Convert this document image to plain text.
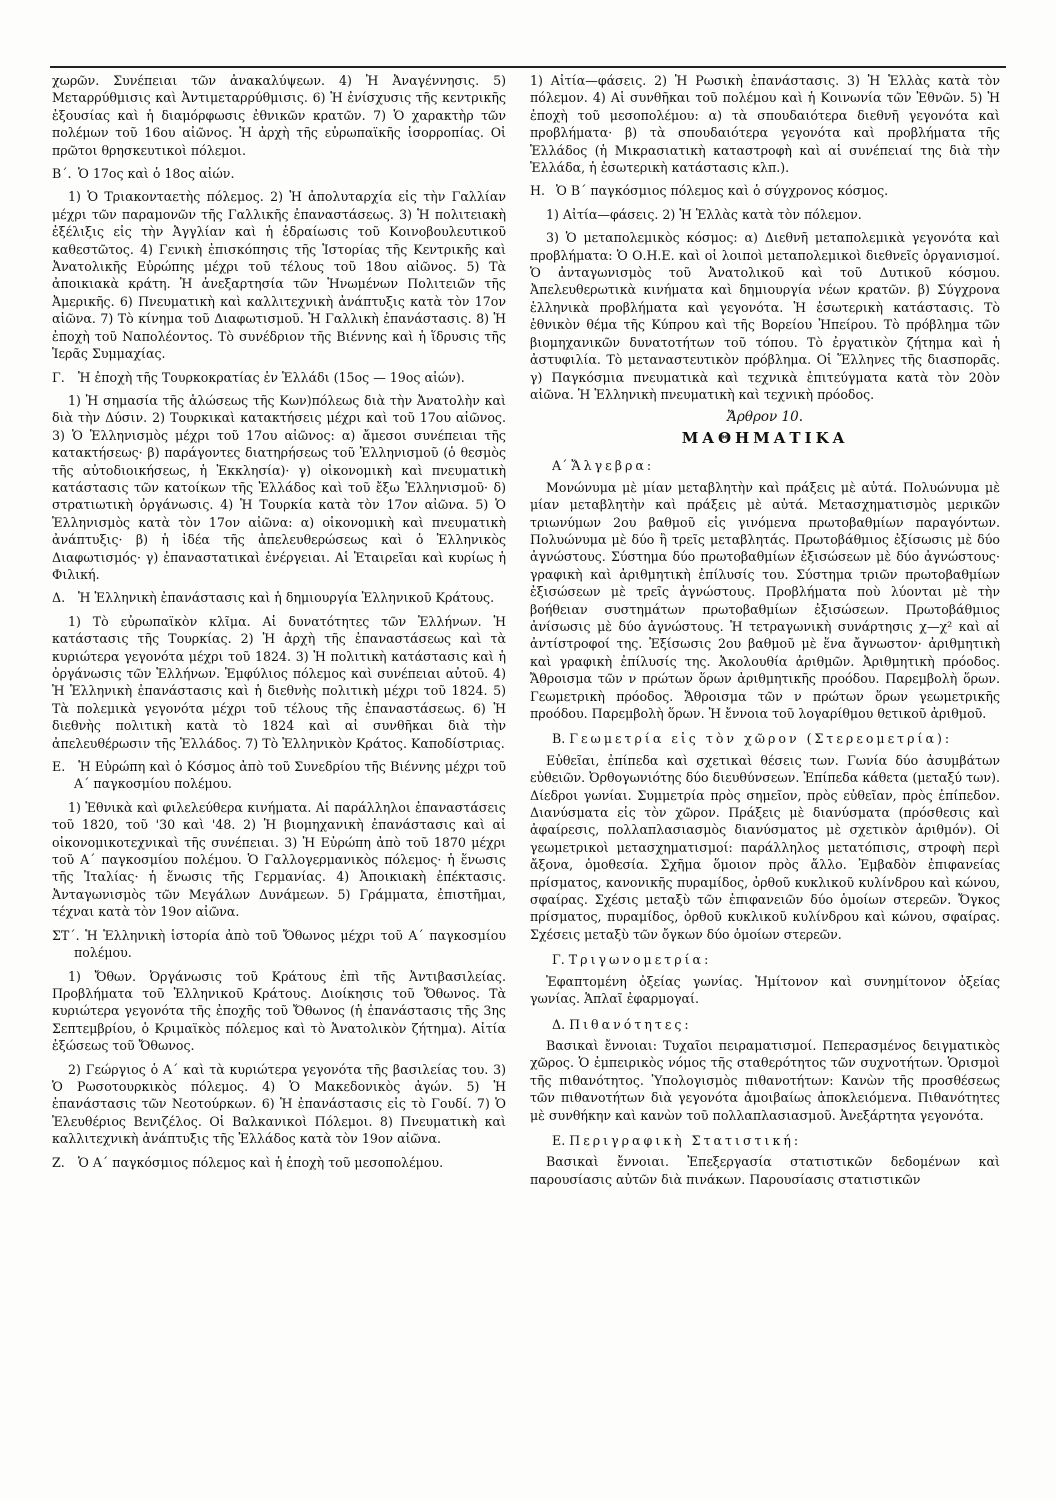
χωρῶν. Συνέπειαι τῶν ἀνακαλύψεων. 4) Ἡ Ἀναγέννησις. 5) Μεταρρύθμισις καὶ Ἀντιμεταρρύθμισις. 6) Ἡ ἐνίσχυσις τῆς κεντρικῆς ἐξουσίας καὶ ἡ διαμόρφωσις ἐθνικῶν κρατῶν. 7) Ὁ χαρακτὴρ τῶν πολέμων τοῦ 16ου αἰῶνος. Ἡ ἀρχὴ τῆς εὐρωπαϊκῆς ἰσορροπίας. Οἱ πρῶτοι θρησκευτικοὶ πόλεμοι.

Β΄. Ὁ 17ος καὶ ὁ 18ος αἰών.

1) Ὁ Τριακονταετὴς πόλεμος. 2) Ἡ ἀπολυταρχία εἰς τὴν Γαλλίαν μέχρι τῶν παραμονῶν τῆς Γαλλικῆς ἐπαναστάσεως. 3) Ἡ πολιτειακὴ ἐξέλιξις εἰς τὴν Ἀγγλίαν καὶ ἡ ἑδραίωσις τοῦ Κοινοβουλευτικοῦ καθεστῶτος. 4) Γενικὴ ἐπισκόπησις τῆς Ἱστορίας τῆς Κεντρικῆς καὶ Ἀνατολικῆς Εὐρώπης μέχρι τοῦ τέλους τοῦ 18ου αἰῶνος. 5) Τὰ ἀποικιακὰ κράτη. Ἡ ἀνεξαρτησία τῶν Ἡνωμένων Πολιτειῶν τῆς Ἀμερικῆς. 6) Πνευματικὴ καὶ καλλιτεχνικὴ ἀνάπτυξις κατὰ τὸν 17ον αἰῶνα. 7) Τὸ κίνημα τοῦ Διαφωτισμοῦ. Ἡ Γαλλικὴ ἐπανάστασις. 8) Ἡ ἐποχὴ τοῦ Ναπολέοντος. Τὸ συνέδριον τῆς Βιέννης καὶ ἡ ἵδρυσις τῆς Ἱερᾶς Συμμαχίας.

Γ. Ἡ ἐποχὴ τῆς Τουρκοκρατίας ἐν Ἑλλάδι (15ος — 19ος αἰών).

1) Ἡ σημασία τῆς ἁλώσεως τῆς Κων)πόλεως διὰ τὴν Ἀνατολὴν καὶ διὰ τὴν Δύσιν. 2) Τουρκικαὶ κατακτήσεις μέχρι καὶ τοῦ 17ου αἰῶνος. 3) Ὁ Ἑλληνισμὸς μέχρι τοῦ 17ου αἰῶνος: α) ἄμεσοι συνέπειαι τῆς κατακτήσεως· β) παράγοντες διατηρήσεως τοῦ Ἑλληνισμοῦ (ὁ θεσμὸς τῆς αὐτοδιοικήσεως, ἡ Ἐκκλησία)· γ) οἰκονομικὴ καὶ πνευματικὴ κατάστασις τῶν κατοίκων τῆς Ἑλλάδος καὶ τοῦ ἔξω Ἑλληνισμοῦ· δ) στρατιωτικὴ ὀργάνωσις. 4) Ἡ Τουρκία κατὰ τὸν 17ον αἰῶνα. 5) Ὁ Ἑλληνισμὸς κατὰ τὸν 17ον αἰῶνα: α) οἰκονομικὴ καὶ πνευματικὴ ἀνάπτυξις· β) ἡ ἰδέα τῆς ἀπελευθερώσεως καὶ ὁ Ἑλληνικὸς Διαφωτισμός· γ) ἐπαναστατικαὶ ἐνέργειαι. Αἱ Ἑταιρεῖαι καὶ κυρίως ἡ Φιλική.

Δ. Ἡ Ἑλληνικὴ ἐπανάστασις καὶ ἡ δημιουργία Ἑλληνικοῦ Κράτους.

1) Τὸ εὐρωπαϊκὸν κλῖμα. Αἱ δυνατότητες τῶν Ἑλλήνων. Ἡ κατάστασις τῆς Τουρκίας. 2) Ἡ ἀρχὴ τῆς ἐπαναστάσεως καὶ τὰ κυριώτερα γεγονότα μέχρι τοῦ 1824. 3) Ἡ πολιτικὴ κατάστασις καὶ ἡ ὀργάνωσις τῶν Ἑλλήνων. Ἐμφύλιος πόλεμος καὶ συνέπειαι αὐτοῦ. 4) Ἡ Ἑλληνικὴ ἐπανάστασις καὶ ἡ διεθνὴς πολιτικὴ μέχρι τοῦ 1824. 5) Τὰ πολεμικὰ γεγονότα μέχρι τοῦ τέλους τῆς ἐπαναστάσεως. 6) Ἡ διεθνὴς πολιτικὴ κατὰ τὸ 1824 καὶ αἱ συνθῆκαι διὰ τὴν ἀπελευθέρωσιν τῆς Ἑλλάδος. 7) Τὸ Ἑλληνικὸν Κράτος. Καποδίστριας.

Ε. Ἡ Εὐρώπη καὶ ὁ Κόσμος ἀπὸ τοῦ Συνεδρίου τῆς Βιέννης μέχρι τοῦ Α΄ παγκοσμίου πολέμου.

1) Ἐθνικὰ καὶ φιλελεύθερα κινήματα. Αἱ παράλληλοι ἐπαναστάσεις τοῦ 1820, τοῦ '30 καὶ '48. 2) Ἡ βιομηχανικὴ ἐπανάστασις καὶ αἱ οἰκονομικοτεχνικαὶ τῆς συνέπειαι. 3) Ἡ Εὐρώπη ἀπὸ τοῦ 1870 μέχρι τοῦ Α΄ παγκοσμίου πολέμου. Ὁ Γαλλογερμανικὸς πόλεμος· ἡ ἕνωσις τῆς Ἰταλίας· ἡ ἕνωσις τῆς Γερμανίας. 4) Ἀποικιακὴ ἐπέκτασις. Ἀνταγωνισμὸς τῶν Μεγάλων Δυνάμεων. 5) Γράμματα, ἐπιστῆμαι, τέχναι κατὰ τὸν 19ον αἰῶνα.

ΣΤ΄. Ἡ Ἑλληνικὴ ἱστορία ἀπὸ τοῦ Ὄθωνος μέχρι τοῦ Α΄ παγκοσμίου πολέμου.

1) Ὄθων. Ὀργάνωσις τοῦ Κράτους ἐπὶ τῆς Ἀντιβασιλείας. Προβλήματα τοῦ Ἑλληνικοῦ Κράτους. Διοίκησις τοῦ Ὄθωνος. Τὰ κυριώτερα γεγονότα τῆς ἐποχῆς τοῦ Ὄθωνος (ἡ ἐπανάστασις τῆς 3ης Σεπτεμβρίου, ὁ Κριμαϊκὸς πόλεμος καὶ τὸ Ἀνατολικὸν ζήτημα). Αἰτία ἐξώσεως τοῦ Ὄθωνος.

2) Γεώργιος ὁ Α΄ καὶ τὰ κυριώτερα γεγονότα τῆς βασιλείας του. 3) Ὁ Ρωσοτουρκικὸς πόλεμος. 4) Ὁ Μακεδονικὸς ἀγών. 5) Ἡ ἐπανάστασις τῶν Νεοτούρκων. 6) Ἡ ἐπανάστασις εἰς τὸ Γουδί. 7) Ὁ Ἐλευθέριος Βενιζέλος. Οἱ Βαλκανικοὶ Πόλεμοι. 8) Πνευματικὴ καὶ καλλιτεχνικὴ ἀνάπτυξις τῆς Ἑλλάδος κατὰ τὸν 19ον αἰῶνα.

Ζ. Ὁ Α΄ παγκόσμιος πόλεμος καὶ ἡ ἐποχὴ τοῦ μεσοπολέμου.

1) Αἰτία—φάσεις. 2) Ἡ Ρωσικὴ ἐπανάστασις. 3) Ἡ Ἑλλὰς κατὰ τὸν πόλεμον. 4) Αἱ συνθῆκαι τοῦ πολέμου καὶ ἡ Κοινωνία τῶν Ἐθνῶν. 5) Ἡ ἐποχὴ τοῦ μεσοπολέμου: α) τὰ σπουδαιότερα διεθνῆ γεγονότα καὶ προβλήματα· β) τὰ σπουδαιότερα γεγονότα καὶ προβλήματα τῆς Ἑλλάδος (ἡ Μικρασιατικὴ καταστροφὴ καὶ αἱ συνέπειαί της διὰ τὴν Ἑλλάδα, ἡ ἐσωτερικὴ κατάστασις κλπ.).

Η. Ὁ Β΄ παγκόσμιος πόλεμος καὶ ὁ σύγχρονος κόσμος.

1) Αἰτία—φάσεις. 2) Ἡ Ἑλλὰς κατὰ τὸν πόλεμον.

3) Ὁ μεταπολεμικὸς κόσμος: α) Διεθνῆ μεταπολεμικὰ γεγονότα καὶ προβλήματα: Ὁ Ο.Η.Ε. καὶ οἱ λοιποὶ μεταπολεμικοὶ διεθνεῖς ὀργανισμοί. Ὁ ἀνταγωνισμὸς τοῦ Ἀνατολικοῦ καὶ τοῦ Δυτικοῦ κόσμου. Ἀπελευθερωτικὰ κινήματα καὶ δημιουργία νέων κρατῶν. β) Σύγχρονα ἑλληνικὰ προβλήματα καὶ γεγονότα. Ἡ ἐσωτερικὴ κατάστασις. Τὸ ἐθνικὸν θέμα τῆς Κύπρου καὶ τῆς Βορείου Ἠπείρου. Τὸ πρόβλημα τῶν βιομηχανικῶν δυνατοτήτων τοῦ τόπου. Τὸ ἐργατικὸν ζήτημα καὶ ἡ ἀστυφιλία. Τὸ μεταναστευτικὸν πρόβλημα. Οἱ Ἕλληνες τῆς διασπορᾶς. γ) Παγκόσμια πνευματικὰ καὶ τεχνικὰ ἐπιτεύγματα κατὰ τὸν 20ὸν αἰῶνα. Ἡ Ἑλληνικὴ πνευματικὴ καὶ τεχνικὴ πρόοδος.

Ἄρθρον 10.
ΜΑΘΗΜΑΤΙΚΑ
Α΄ Ἄλγεβρα:

Μονώνυμα μὲ μίαν μεταβλητὴν καὶ πράξεις μὲ αὐτά. Πολυώνυμα μὲ μίαν μεταβλητὴν καὶ πράξεις μὲ αὐτά. Μετασχηματισμὸς μερικῶν τριωνύμων 2ου βαθμοῦ εἰς γινόμενα πρωτοβαθμίων παραγόντων. Πολυώνυμα μὲ δύο ἢ τρεῖς μεταβλητάς. Πρωτοβάθμιος ἐξίσωσις μὲ δύο ἀγνώστους. Σύστημα δύο πρωτοβαθμίων ἐξισώσεων μὲ δύο ἀγνώστους· γραφικὴ καὶ ἀριθμητικὴ ἐπίλυσίς του. Σύστημα τριῶν πρωτοβαθμίων ἐξισώσεων μὲ τρεῖς ἀγνώστους. Προβλήματα ποὺ λύονται μὲ τὴν βοήθειαν συστημάτων πρωτοβαθμίων ἐξισώσεων. Πρωτοβάθμιος ἀνίσωσις μὲ δύο ἀγνώστους. Ἡ τετραγωνικὴ συνάρτησις χ—χ² καὶ αἱ ἀντίστροφοί της. Ἐξίσωσις 2ου βαθμοῦ μὲ ἕνα ἄγνωστον· ἀριθμητικὴ καὶ γραφικὴ ἐπίλυσίς της. Ἀκολουθία ἀριθμῶν. Ἀριθμητικὴ πρόοδος. Ἄθροισμα τῶν ν πρώτων ὅρων ἀριθμητικῆς προόδου. Παρεμβολὴ ὅρων. Γεωμετρικὴ πρόοδος. Ἄθροισμα τῶν ν πρώτων ὅρων γεωμετρικῆς προόδου. Παρεμβολὴ ὅρων. Ἡ ἔννοια τοῦ λογαρίθμου θετικοῦ ἀριθμοῦ.

Β. Γεωμετρία εἰς τὸν χῶρον (Στερεομετρία):

Εὐθεῖαι, ἐπίπεδα καὶ σχετικαὶ θέσεις των. Γωνία δύο ἀσυμβάτων εὐθειῶν. Ὀρθογωνιότης δύο διευθύνσεων. Ἐπίπεδα κάθετα (μεταξύ των). Δίεδροι γωνίαι. Συμμετρία πρὸς σημεῖον, πρὸς εὐθεῖαν, πρὸς ἐπίπεδον. Διανύσματα εἰς τὸν χῶρον. Πράξεις μὲ διανύσματα (πρόσθεσις καὶ ἀφαίρεσις, πολλαπλασιασμὸς διανύσματος μὲ σχετικὸν ἀριθμόν). Οἱ γεωμετρικοὶ μετασχηματισμοί: παράλληλος μετατόπισις, στροφὴ περὶ ἄξονα, ὁμοθεσία. Σχῆμα ὅμοιον πρὸς ἄλλο. Ἐμβαδὸν ἐπιφανείας πρίσματος, κανονικῆς πυραμίδος, ὀρθοῦ κυκλικοῦ κυλίνδρου καὶ κώνου, σφαίρας. Σχέσις μεταξὺ τῶν ἐπιφανειῶν δύο ὁμοίων στερεῶν. Ὄγκος πρίσματος, πυραμίδος, ὀρθοῦ κυκλικοῦ κυλίνδρου καὶ κώνου, σφαίρας. Σχέσεις μεταξὺ τῶν ὄγκων δύο ὁμοίων στερεῶν.

Γ. Τριγωνομετρία:

Ἐφαπτομένη ὀξείας γωνίας. Ἡμίτονον καὶ συνημίτονον ὀξείας γωνίας. Ἁπλαῖ ἐφαρμογαί.

Δ. Πιθανότητες:

Βασικαὶ ἔννοιαι: Τυχαῖοι πειραματισμοί. Πεπερασμένος δειγματικὸς χῶρος. Ὁ ἐμπειρικὸς νόμος τῆς σταθερότητος τῶν συχνοτήτων. Ὁρισμοὶ τῆς πιθανότητος. Ὑπολογισμὸς πιθανοτήτων: Κανὼν τῆς προσθέσεως τῶν πιθανοτήτων διὰ γεγονότα ἀμοιβαίως ἀποκλειόμενα. Πιθανότητες μὲ συνθήκην καὶ κανὼν τοῦ πολλαπλασιασμοῦ. Ἀνεξάρτητα γεγονότα.

Ε. Περιγραφικὴ Στατιστική:

Βασικαὶ ἔννοιαι. Ἐπεξεργασία στατιστικῶν δεδομένων καὶ παρουσίασις αὐτῶν διὰ πινάκων. Παρουσίασις στατιστικῶν
